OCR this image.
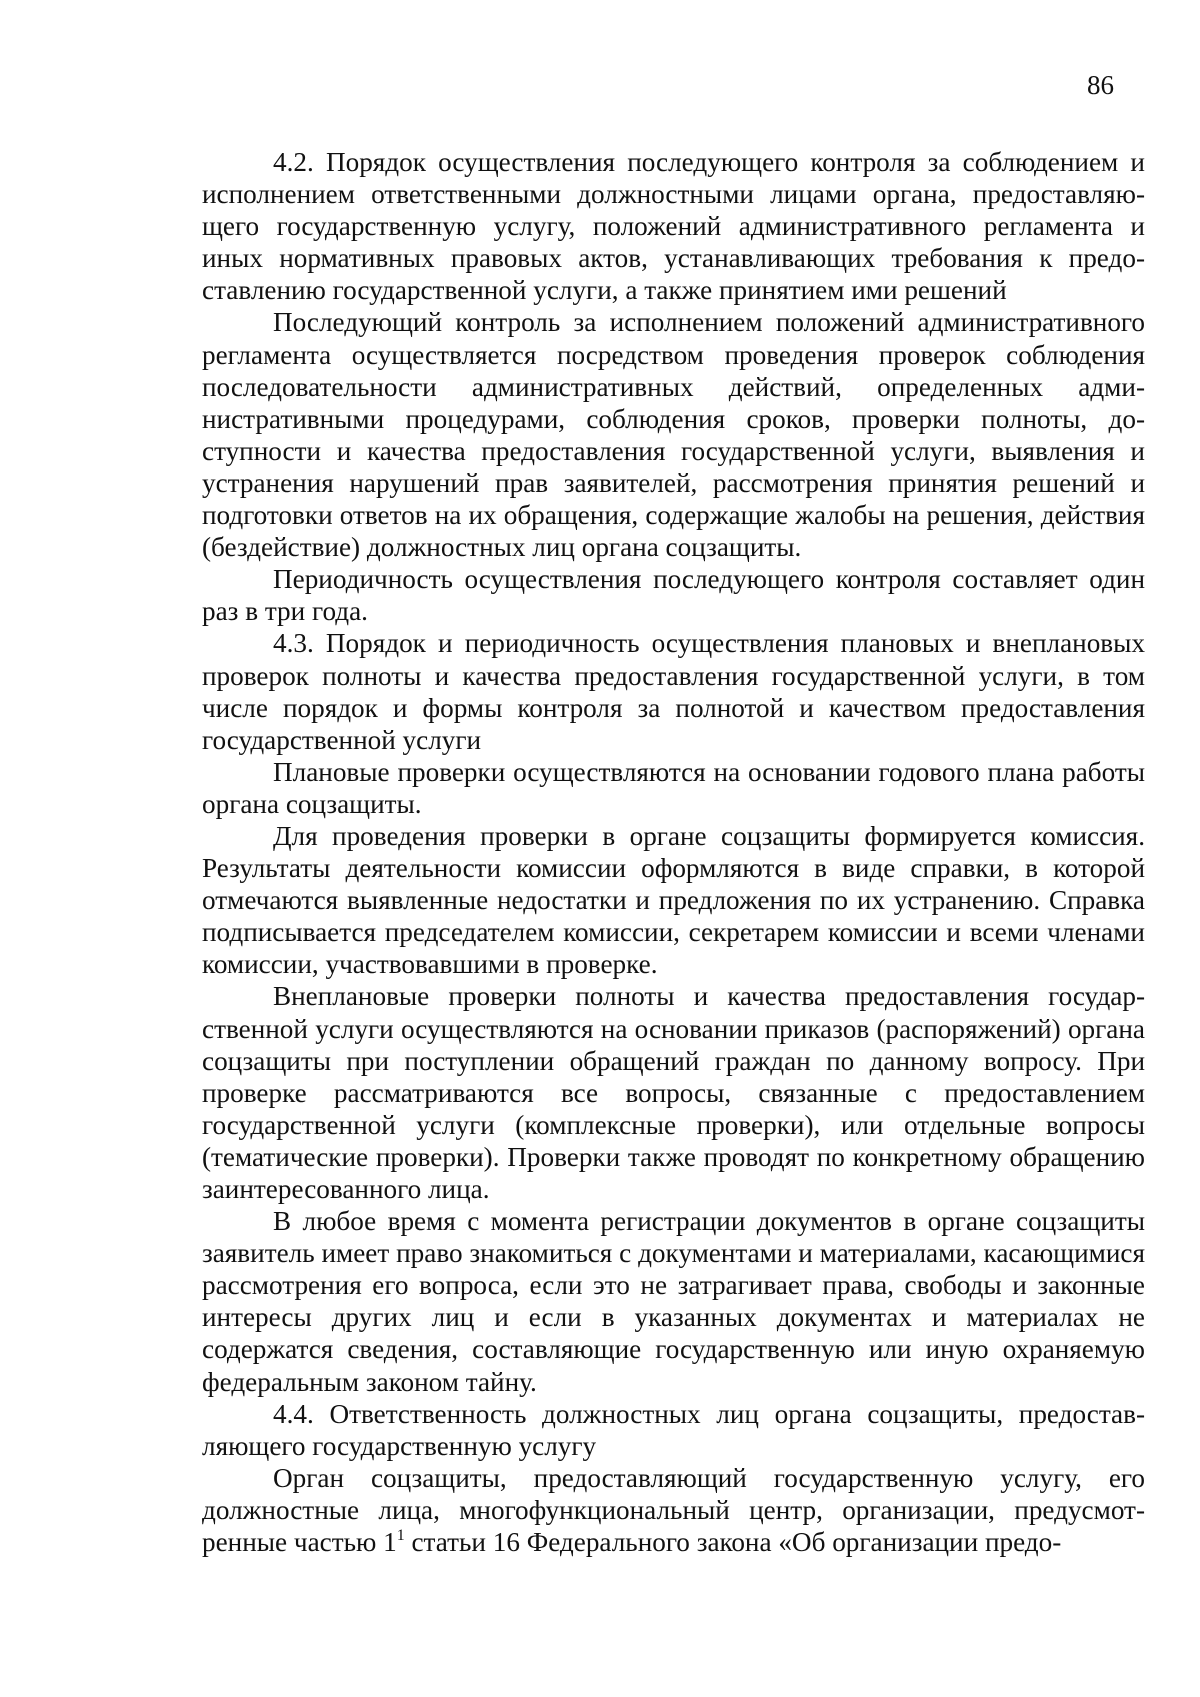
86

4.2. Порядок осуществления последующего контроля за соблюдением и исполнением ответственными должностными лицами органа, предоставляющего государственную услугу, положений административного регламента и иных нормативных правовых актов, устанавливающих требования к предоставлению государственной услуги, а также принятием ими решений

Последующий контроль за исполнением положений административного регламента осуществляется посредством проведения проверок соблюдения последовательности административных действий, определенных административными процедурами, соблюдения сроков, проверки полноты, доступности и качества предоставления государственной услуги, выявления и устранения нарушений прав заявителей, рассмотрения принятия решений и подготовки ответов на их обращения, содержащие жалобы на решения, действия (бездействие) должностных лиц органа соцзащиты.

Периодичность осуществления последующего контроля составляет один раз в три года.

4.3. Порядок и периодичность осуществления плановых и внеплановых проверок полноты и качества предоставления государственной услуги, в том числе порядок и формы контроля за полнотой и качеством предоставления государственной услуги

Плановые проверки осуществляются на основании годового плана работы органа соцзащиты.

Для проведения проверки в органе соцзащиты формируется комиссия. Результаты деятельности комиссии оформляются в виде справки, в которой отмечаются выявленные недостатки и предложения по их устранению. Справка подписывается председателем комиссии, секретарем комиссии и всеми членами комиссии, участвовавшими в проверке.

Внеплановые проверки полноты и качества предоставления государственной услуги осуществляются на основании приказов (распоряжений) органа соцзащиты при поступлении обращений граждан по данному вопросу. При проверке рассматриваются все вопросы, связанные с предоставлением государственной услуги (комплексные проверки), или отдельные вопросы (тематические проверки). Проверки также проводят по конкретному обращению заинтересованного лица.

В любое время с момента регистрации документов в органе соцзащиты заявитель имеет право знакомиться с документами и материалами, касающимися рассмотрения его вопроса, если это не затрагивает права, свободы и законные интересы других лиц и если в указанных документах и материалах не содержатся сведения, составляющие государственную или иную охраняемую федеральным законом тайну.

4.4. Ответственность должностных лиц органа соцзащиты, предоставляющего государственную услугу

Орган соцзащиты, предоставляющий государственную услугу, его должностные лица, многофункциональный центр, организации, предусмотренные частью $1^1$ статьи 16 Федерального закона «Об организации предо-
